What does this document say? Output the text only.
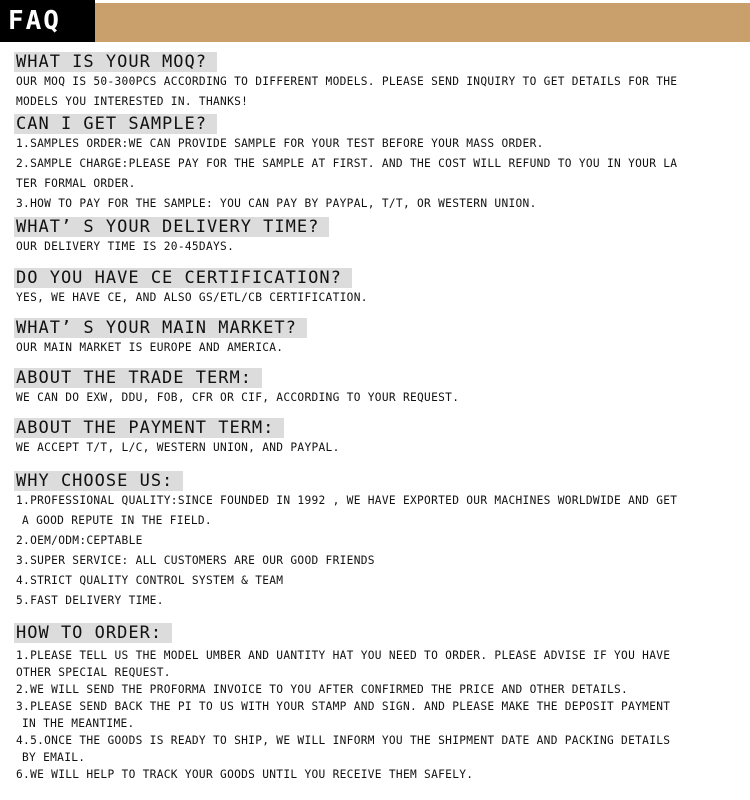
FAQ
WHAT IS YOUR MOQ?
OUR MOQ IS 50-300PCS ACCORDING TO DIFFERENT MODELS. PLEASE SEND INQUIRY TO GET DETAILS FOR THE
MODELS YOU INTERESTED IN. THANKS!
CAN I GET SAMPLE?
1.SAMPLES ORDER:WE CAN PROVIDE SAMPLE FOR YOUR TEST BEFORE YOUR MASS ORDER.
2.SAMPLE CHARGE:PLEASE PAY FOR THE SAMPLE AT FIRST. AND THE COST WILL REFUND TO YOU IN YOUR LA
TER FORMAL ORDER.
3.HOW TO PAY FOR THE SAMPLE: YOU CAN PAY BY PAYPAL, T/T, OR WESTERN UNION.
WHAT’ S YOUR DELIVERY TIME?
OUR DELIVERY TIME IS 20-45DAYS.
DO YOU HAVE CE CERTIFICATION?
YES, WE HAVE CE, AND ALSO GS/ETL/CB CERTIFICATION.
WHAT’ S YOUR MAIN MARKET?
OUR MAIN MARKET IS EUROPE AND AMERICA.
ABOUT THE TRADE TERM:
WE CAN DO EXW, DDU, FOB, CFR OR CIF, ACCORDING TO YOUR REQUEST.
ABOUT THE PAYMENT TERM:
WE ACCEPT T/T, L/C, WESTERN UNION, AND PAYPAL.
WHY CHOOSE US:
1.PROFESSIONAL QUALITY:SINCE FOUNDED IN 1992 , WE HAVE EXPORTED OUR MACHINES WORLDWIDE AND GET
A GOOD REPUTE IN THE FIELD.
2.OEM/ODM:CEPTABLE
3.SUPER SERVICE: ALL CUSTOMERS ARE OUR GOOD FRIENDS
4.STRICT QUALITY CONTROL SYSTEM & TEAM
5.FAST DELIVERY TIME.
HOW TO ORDER:
1.PLEASE TELL US THE MODEL UMBER AND UANTITY HAT YOU NEED TO ORDER. PLEASE ADVISE IF YOU HAVE
OTHER SPECIAL REQUEST.
2.WE WILL SEND THE PROFORMA INVOICE TO YOU AFTER CONFIRMED THE PRICE AND OTHER DETAILS.
3.PLEASE SEND BACK THE PI TO US WITH YOUR STAMP AND SIGN. AND PLEASE MAKE THE DEPOSIT PAYMENT
IN THE MEANTIME.
4.5.ONCE THE GOODS IS READY TO SHIP, WE WILL INFORM YOU THE SHIPMENT DATE AND PACKING DETAILS
BY EMAIL.
6.WE WILL HELP TO TRACK YOUR GOODS UNTIL YOU RECEIVE THEM SAFELY.
